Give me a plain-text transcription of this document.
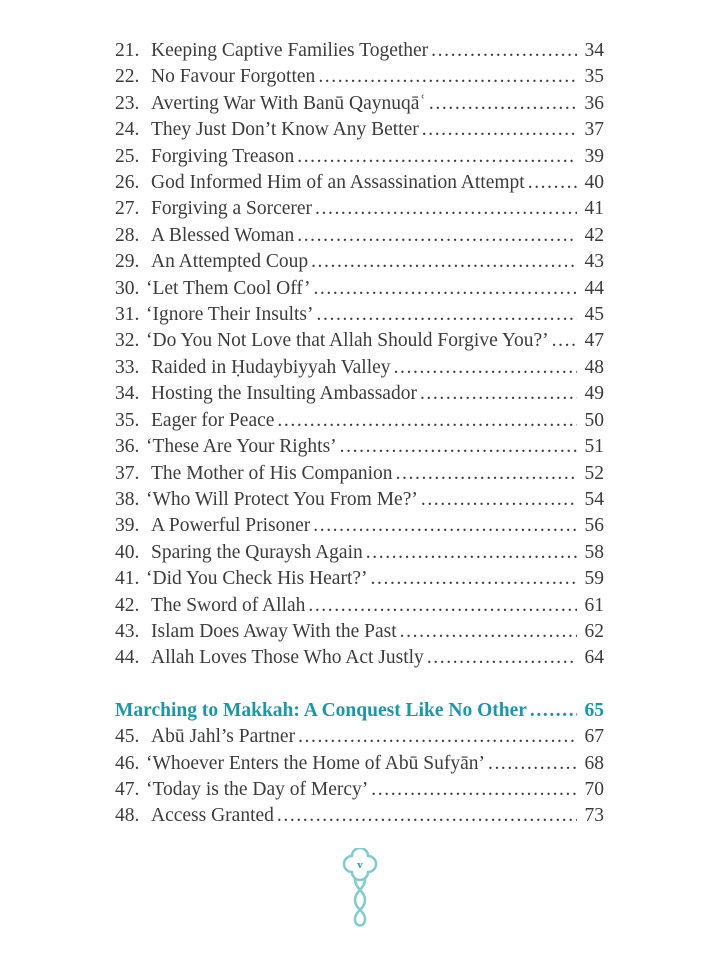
21. Keeping Captive Families Together .....	34
22. No Favour Forgotten .....	35
23. Averting War With Banū Qaynuqāʿ .....	36
24. They Just Don’t Know Any Better .....	37
25. Forgiving Treason .....	39
26. God Informed Him of an Assassination Attempt .....	40
27. Forgiving a Sorcerer .....	41
28. A Blessed Woman .....	42
29. An Attempted Coup .....	43
30. ‘Let Them Cool Off’ .....	44
31. ‘Ignore Their Insults’ .....	45
32. ‘Do You Not Love that Allah Should Forgive You?’ ..... 47
33. Raided in Ḥudaybiyyah Valley .....	48
34. Hosting the Insulting Ambassador .....	49
35. Eager for Peace .....	50
36. ‘These Are Your Rights’ .....	51
37. The Mother of His Companion .....	52
38. ‘Who Will Protect You From Me?’ .....	54
39. A Powerful Prisoner .....	56
40. Sparing the Quraysh Again .....	58
41. ‘Did You Check His Heart?’ .....	59
42. The Sword of Allah .....	61
43. Islam Does Away With the Past .....	62
44. Allah Loves Those Who Act Justly .....	64
Marching to Makkah: A Conquest Like No Other .....	65
45. Abū Jahl’s Partner .....	67
46. ‘Whoever Enters the Home of Abū Sufyān’ .....	68
47. ‘Today is the Day of Mercy’ .....	70
48. Access Granted .....	73
v
